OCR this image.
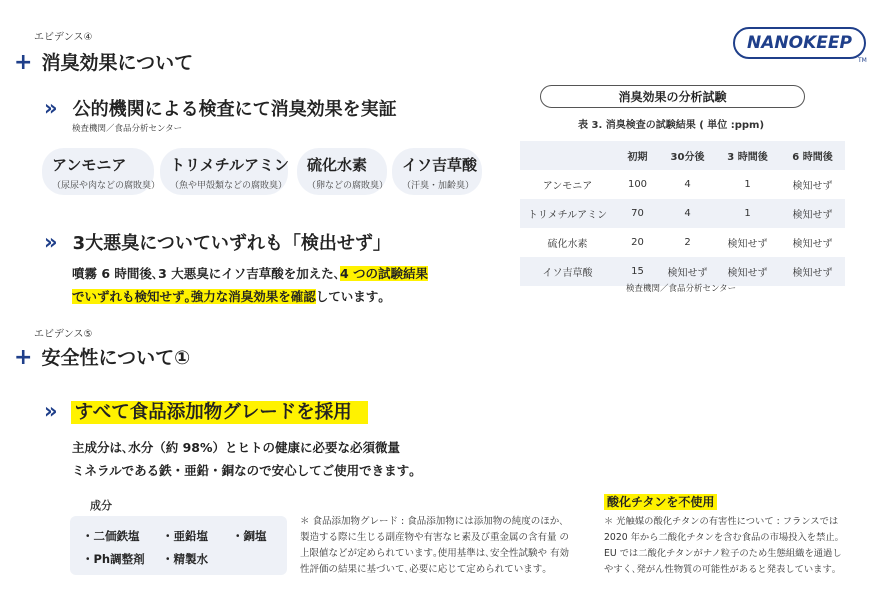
エビデンス④
+ 消臭効果について
NANOKEEP
TM
» 公的機関による検査にて消臭効果を実証
検査機関／食品分析センター
アンモニア
（尿尿や肉などの腐敗臭）
トリメチルアミン
（魚や甲殻類などの腐敗臭）
硫化水素
（卵などの腐敗臭）
イソ吉草酸
（汗臭・加齢臭）
» 3大悪臭についていずれも「検出せず」
噴霧 6 時間後､3 大悪臭にイソ吉草酸を加えた､4 つの試験結果
でいずれも検知せず｡強力な消臭効果を確認しています｡
消臭効果の分析試験
表 3. 消臭検査の試験結果 ( 単位 :ppm)
	初期	30分後	3 時間後	6 時間後
アンモニア	100	4	1	検知せず
トリメチルアミン	70	4	1	検知せず
硫化水素	20	2	検知せず	検知せず
イソ吉草酸	15	検知せず	検知せず	検知せず
検査機関／食品分析センター
エビデンス⑤
+ 安全性について①
» すべて食品添加物グレードを採用
主成分は､水分（約 98%）とヒトの健康に必要な必須微量
ミネラルである鉄・亜鉛・銅なので安心してご使用できます｡
成分
・二価鉄塩 ・亜鉛塩 ・銅塩
・Ph調整剤 ・精製水
＊ 食品添加物グレード : 食品添加物には添加物の純度のほか､
製造する際に生じる副産物や有害なヒ素及び重金属の含有量 の
上限値などが定められています｡使用基準は､安全性試験や 有効
性評価の結果に基づいて､必要に応じて定められています｡
酸化チタンを不使用
＊ 光触媒の酸化チタンの有害性について : フランスでは
2020 年から二酸化チタンを含む食品の市場投入を禁止｡
EU では二酸化チタンがナノ粒子のため生態組織を通過し
やすく､発がん性物質の可能性があると発表しています｡
